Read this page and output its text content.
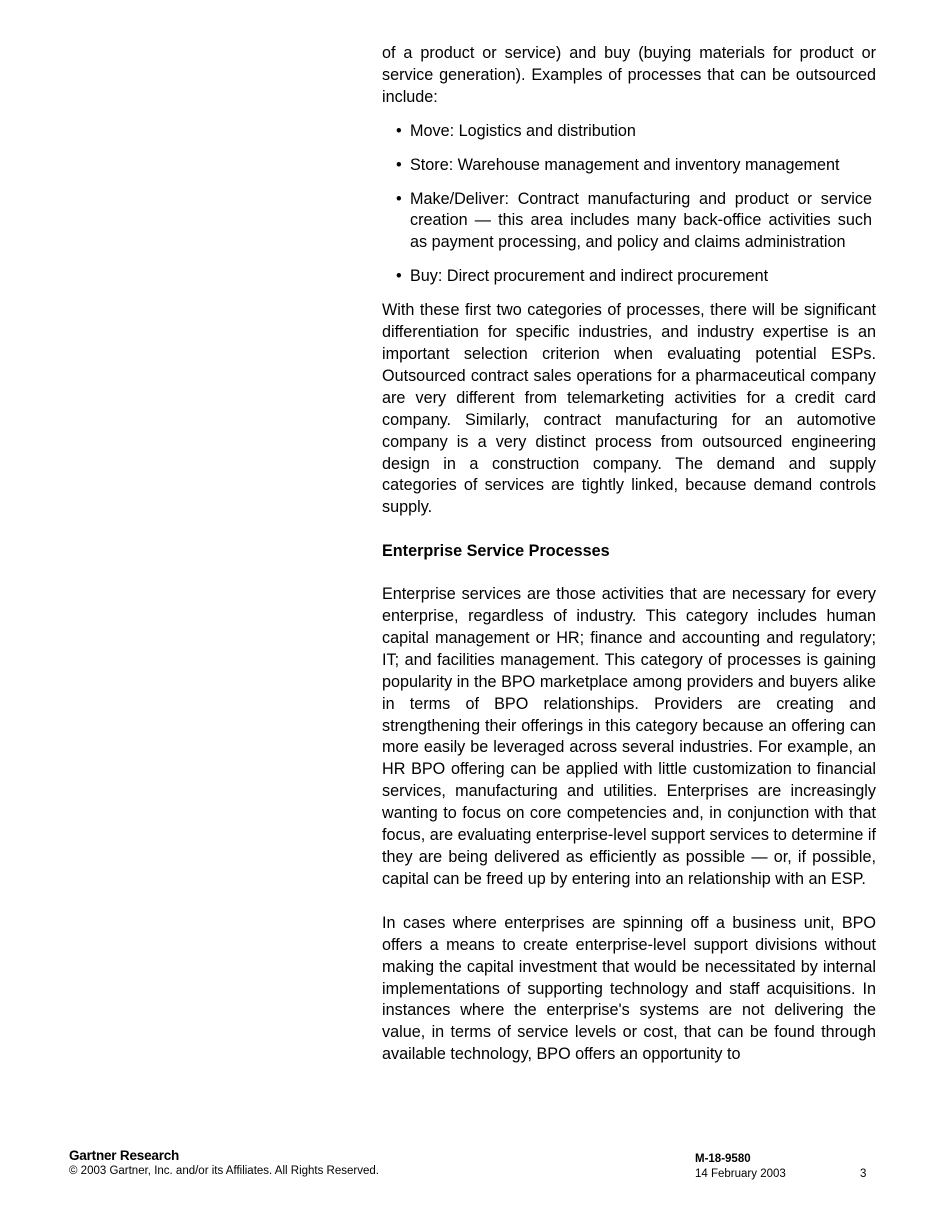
of a product or service) and buy (buying materials for product or service generation). Examples of processes that can be outsourced include:

• Move: Logistics and distribution
• Store: Warehouse management and inventory management
• Make/Deliver: Contract manufacturing and product or service creation — this area includes many back-office activities such as payment processing, and policy and claims administration
• Buy: Direct procurement and indirect procurement

With these first two categories of processes, there will be significant differentiation for specific industries, and industry expertise is an important selection criterion when evaluating potential ESPs. Outsourced contract sales operations for a pharmaceutical company are very different from telemarketing activities for a credit card company. Similarly, contract manufacturing for an automotive company is a very distinct process from outsourced engineering design in a construction company. The demand and supply categories of services are tightly linked, because demand controls supply.

Enterprise Service Processes

Enterprise services are those activities that are necessary for every enterprise, regardless of industry. This category includes human capital management or HR; finance and accounting and regulatory; IT; and facilities management. This category of processes is gaining popularity in the BPO marketplace among providers and buyers alike in terms of BPO relationships. Providers are creating and strengthening their offerings in this category because an offering can more easily be leveraged across several industries. For example, an HR BPO offering can be applied with little customization to financial services, manufacturing and utilities. Enterprises are increasingly wanting to focus on core competencies and, in conjunction with that focus, are evaluating enterprise-level support services to determine if they are being delivered as efficiently as possible — or, if possible, capital can be freed up by entering into an relationship with an ESP.

In cases where enterprises are spinning off a business unit, BPO offers a means to create enterprise-level support divisions without making the capital investment that would be necessitated by internal implementations of supporting technology and staff acquisitions. In instances where the enterprise's systems are not delivering the value, in terms of service levels or cost, that can be found through available technology, BPO offers an opportunity to

Gartner Research
© 2003 Gartner, Inc. and/or its Affiliates. All Rights Reserved.
M-18-9580
14 February 2003	3
